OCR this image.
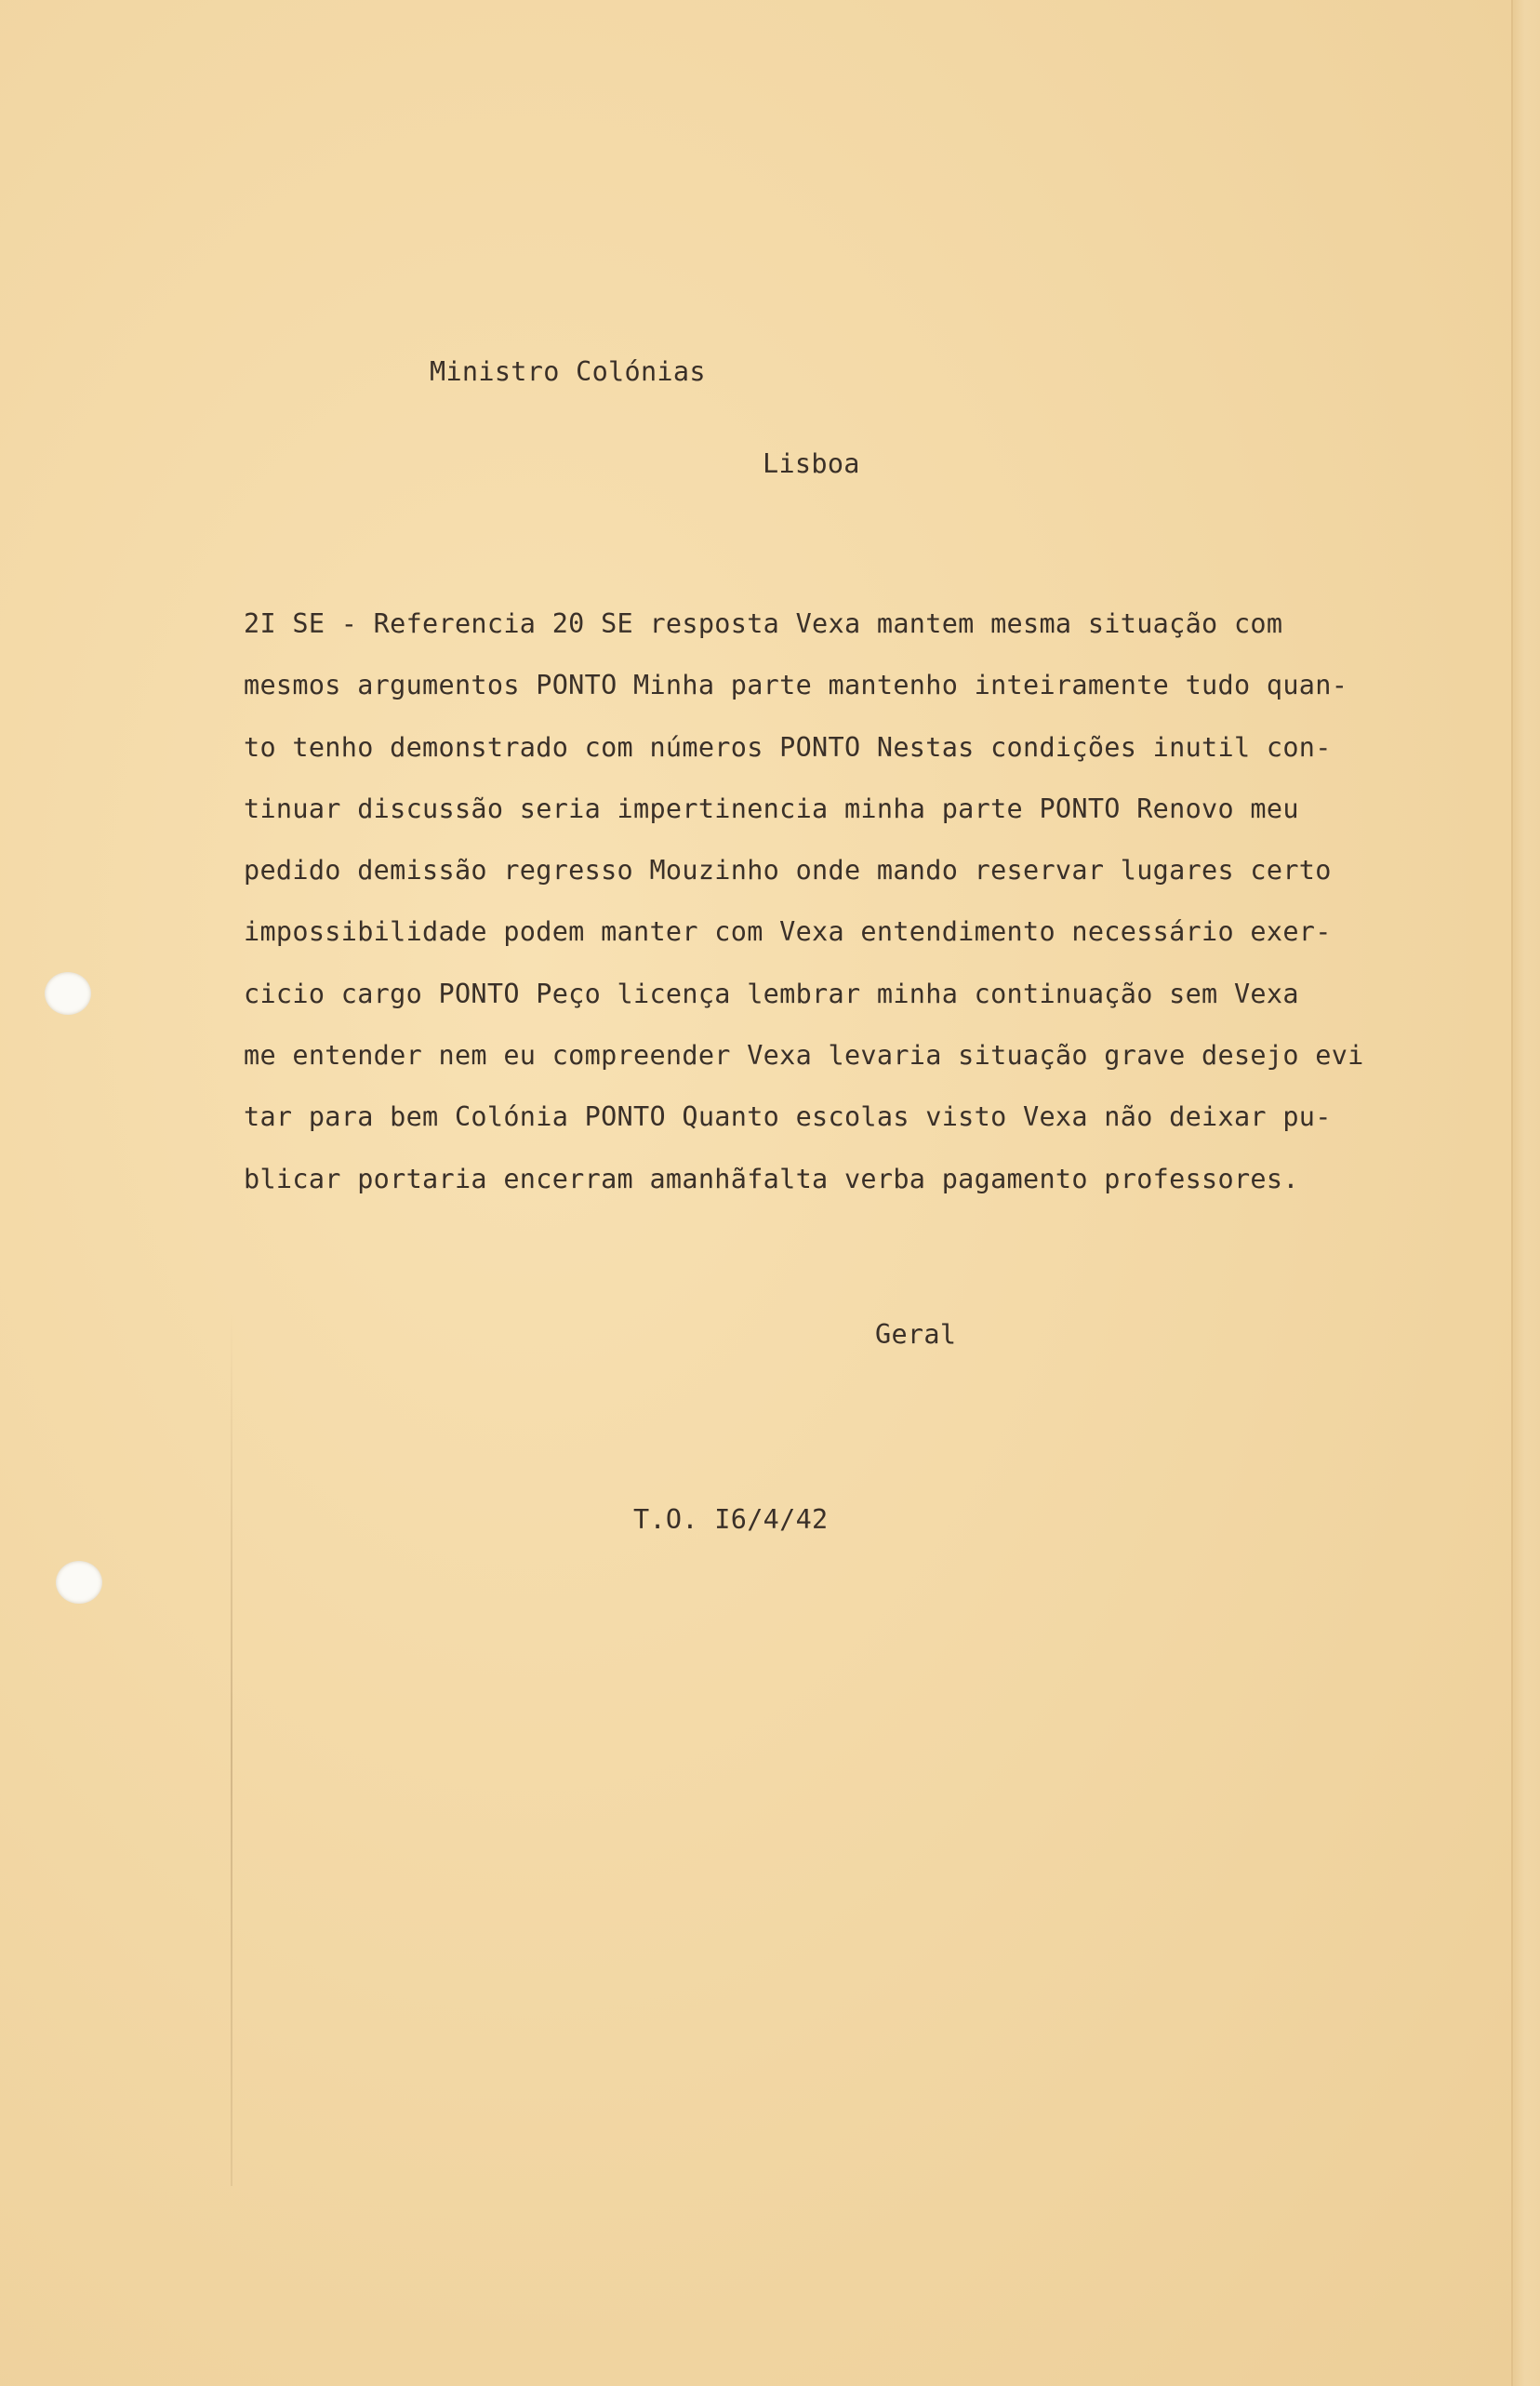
Ministro Colónias
Lisboa
2I SE - Referencia 20 SE resposta Vexa mantem mesma situação com
mesmos argumentos PONTO Minha parte mantenho inteiramente tudo quan-
to tenho demonstrado com números PONTO Nestas condições inutil con-
tinuar discussão seria impertinencia minha parte PONTO Renovo meu
pedido demissão regresso Mouzinho onde mando reservar lugares certo
impossibilidade podem manter com Vexa entendimento necessário exer-
cicio cargo PONTO Peço licença lembrar minha continuação sem Vexa
me entender nem eu compreender Vexa levaria situação grave desejo evi
tar para bem Colónia PONTO Quanto escolas visto Vexa não deixar pu-
blicar portaria encerram amanhãfalta verba pagamento professores.
Geral
T.O. I6/4/42
